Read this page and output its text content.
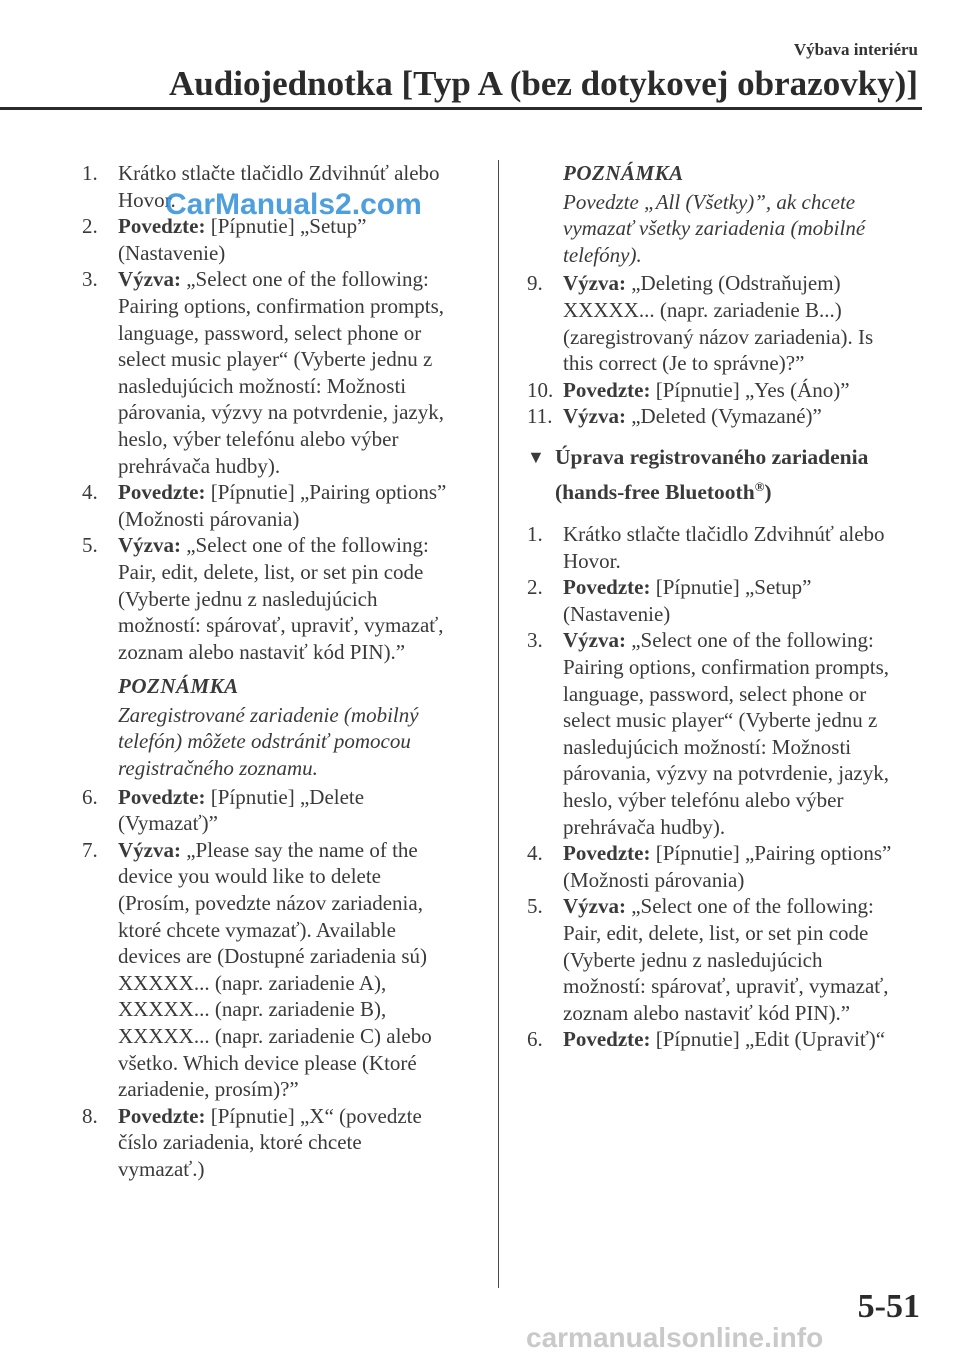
Výbava interiéru
Audiojednotka [Typ A (bez dotykovej obrazovky)]
1. Krátko stlačte tlačidlo Zdvihnúť alebo
Hovor.
2. Povedzte: [Pípnutie] „Setup”
(Nastavenie)
3. Výzva: „Select one of the following:
Pairing options, confirmation prompts,
language, password, select phone or
select music player“ (Vyberte jednu z
nasledujúcich možností: Možnosti
párovania, výzvy na potvrdenie, jazyk,
heslo, výber telefónu alebo výber
prehrávača hudby).
4. Povedzte: [Pípnutie] „Pairing options”
(Možnosti párovania)
5. Výzva: „Select one of the following:
Pair, edit, delete, list, or set pin code
(Vyberte jednu z nasledujúcich
možností: spárovať, upraviť, vymazať,
zoznam alebo nastaviť kód PIN).”
POZNÁMKA
Zaregistrované zariadenie (mobilný
telefón) môžete odstrániť pomocou
registračného zoznamu.
6. Povedzte: [Pípnutie] „Delete
(Vymazať)”
7. Výzva: „Please say the name of the
device you would like to delete
(Prosím, povedzte názov zariadenia,
ktoré chcete vymazať). Available
devices are (Dostupné zariadenia sú)
XXXXX... (napr. zariadenie A),
XXXXX... (napr. zariadenie B),
XXXXX... (napr. zariadenie C) alebo
všetko. Which device please (Ktoré
zariadenie, prosím)?”
8. Povedzte: [Pípnutie] „X“ (povedzte
číslo zariadenia, ktoré chcete
vymazať.)
POZNÁMKA
Povedzte „All (Všetky)”, ak chcete
vymazať všetky zariadenia (mobilné
telefóny).
9. Výzva: „Deleting (Odstraňujem)
XXXXX... (napr. zariadenie B...)
(zaregistrovaný názov zariadenia). Is
this correct (Je to správne)?”
10. Povedzte: [Pípnutie] „Yes (Áno)”
11. Výzva: „Deleted (Vymazané)”
▼ Úprava registrovaného zariadenia
(hands-free Bluetooth®)
1. Krátko stlačte tlačidlo Zdvihnúť alebo
Hovor.
2. Povedzte: [Pípnutie] „Setup”
(Nastavenie)
3. Výzva: „Select one of the following:
Pairing options, confirmation prompts,
language, password, select phone or
select music player“ (Vyberte jednu z
nasledujúcich možností: Možnosti
párovania, výzvy na potvrdenie, jazyk,
heslo, výber telefónu alebo výber
prehrávača hudby).
4. Povedzte: [Pípnutie] „Pairing options”
(Možnosti párovania)
5. Výzva: „Select one of the following:
Pair, edit, delete, list, or set pin code
(Vyberte jednu z nasledujúcich
možností: spárovať, upraviť, vymazať,
zoznam alebo nastaviť kód PIN).”
6. Povedzte: [Pípnutie] „Edit (Upraviť)“
5-51
CarManuals2.com
carmanualsonline.info
